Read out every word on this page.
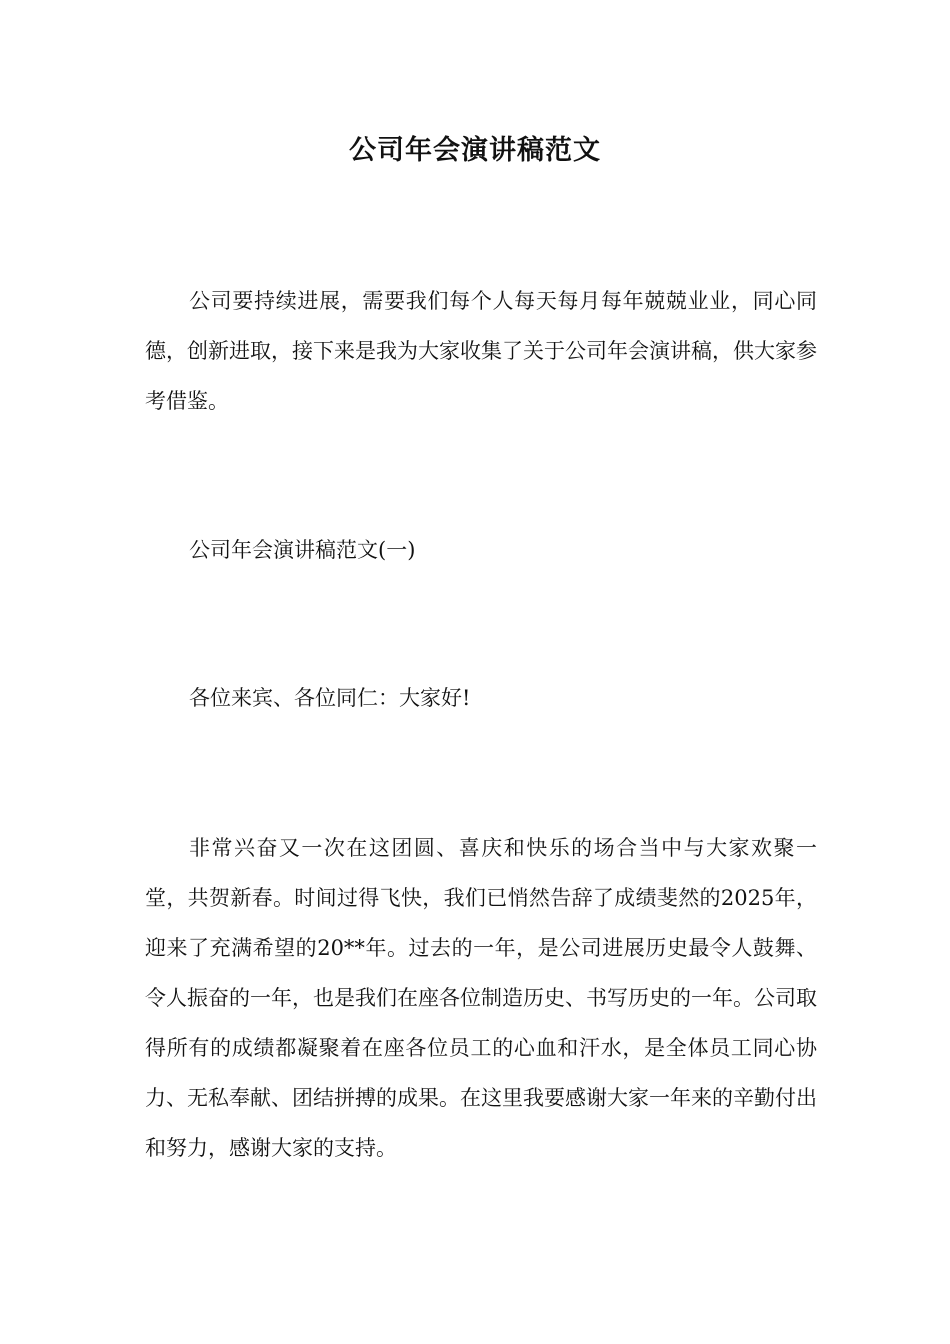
公司年会演讲稿范文
公司要持续进展，需要我们每个人每天每月每年兢兢业业，同心同德，创新进取，接下来是我为大家收集了关于公司年会演讲稿，供大家参考借鉴。
公司年会演讲稿范文(一)
各位来宾、各位同仁：大家好!
非常兴奋又一次在这团圆、喜庆和快乐的场合当中与大家欢聚一堂，共贺新春。时间过得飞快，我们已悄然告辞了成绩斐然的2025年，迎来了充满希望的20**年。过去的一年，是公司进展历史最令人鼓舞、令人振奋的一年，也是我们在座各位制造历史、书写历史的一年。公司取得所有的成绩都凝聚着在座各位员工的心血和汗水，是全体员工同心协力、无私奉献、团结拼搏的成果。在这里我要感谢大家一年来的辛勤付出和努力，感谢大家的支持。
